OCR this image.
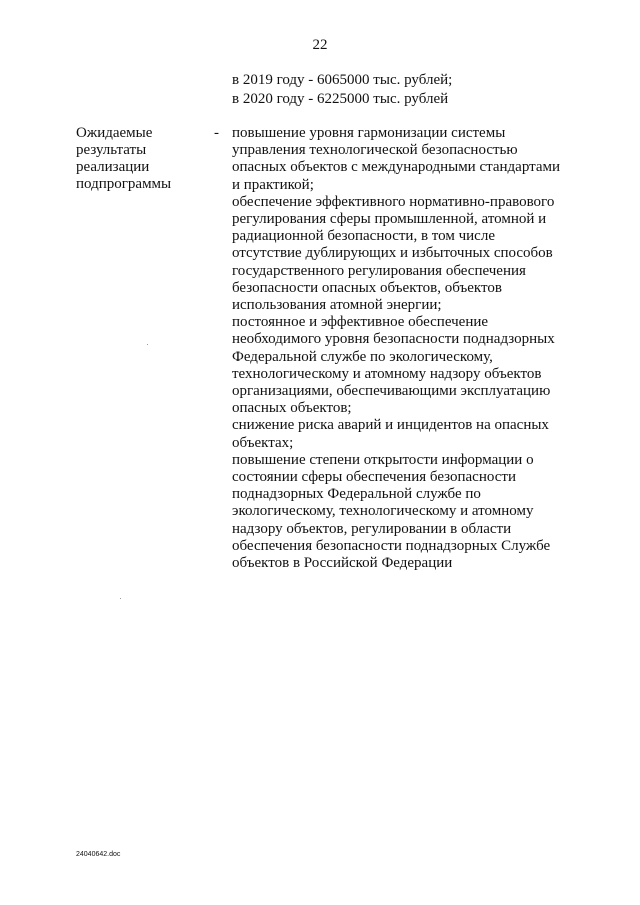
22
в 2019 году - 6065000 тыс. рублей;
в 2020 году - 6225000 тыс. рублей
Ожидаемые
результаты
реализации
подпрограммы
- повышение уровня гармонизации системы
управления технологической безопасностью
опасных объектов с международными стандартами
и практикой;

обеспечение эффективного нормативно-правового
регулирования сферы промышленной, атомной и
радиационной безопасности, в том числе
отсутствие дублирующих и избыточных способов
государственного регулирования обеспечения
безопасности опасных объектов, объектов
использования атомной энергии;

постоянное и эффективное обеспечение
необходимого уровня безопасности поднадзорных
Федеральной службе по экологическому,
технологическому и атомному надзору объектов
организациями, обеспечивающими эксплуатацию
опасных объектов;

снижение риска аварий и инцидентов на опасных
объектах;

повышение степени открытости информации о
состоянии сферы обеспечения безопасности
поднадзорных Федеральной службе по
экологическому, технологическому и атомному
надзору объектов, регулировании в области
обеспечения безопасности поднадзорных Службе
объектов в Российской Федерации

24040642.doc
